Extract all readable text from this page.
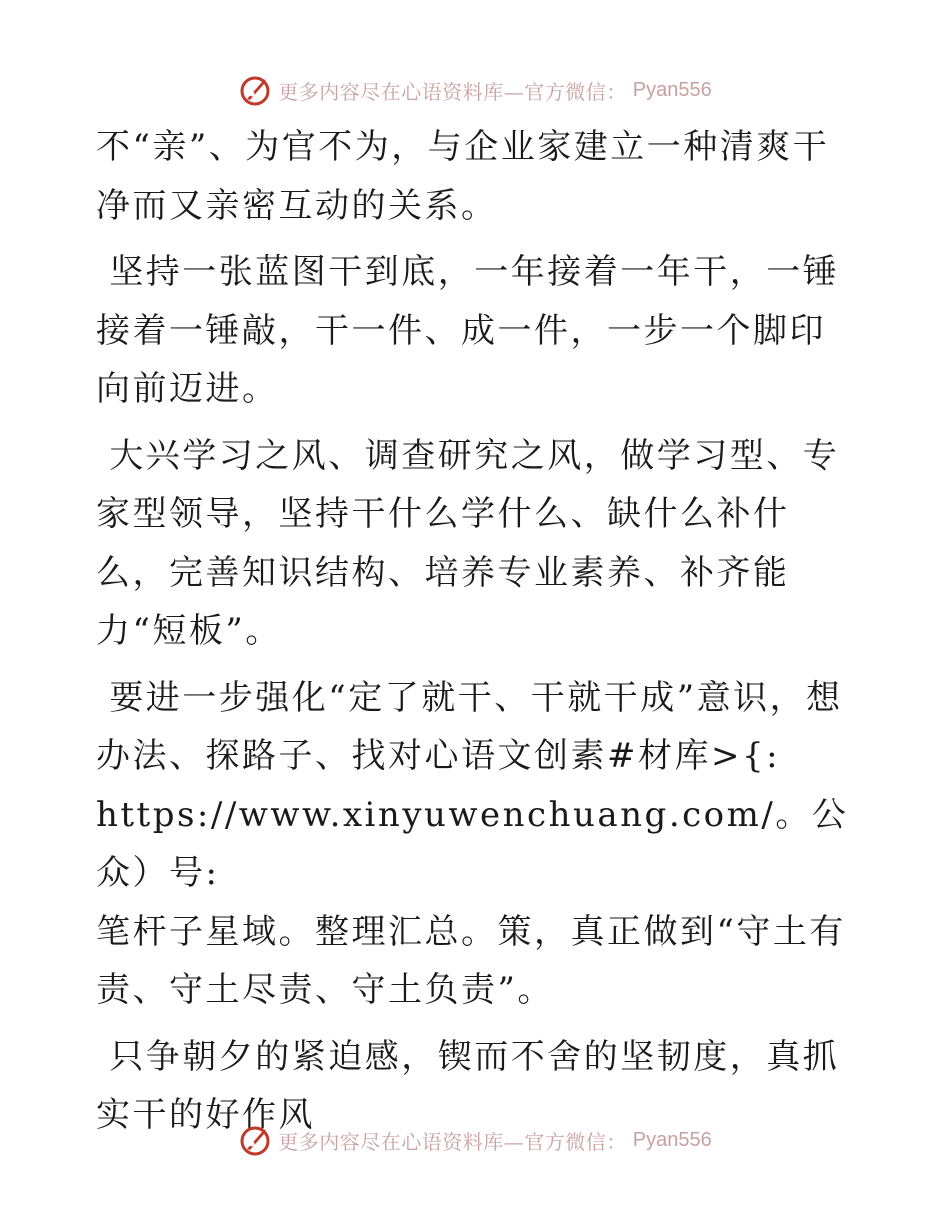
更多内容尽在心语资料库—官方微信： Pyan556

不“亲”、为官不为，与企业家建立一种清爽干净而又亲密互动的关系。

坚持一张蓝图干到底，一年接着一年干，一锤接着一锤敲，干一件、成一件，一步一个脚印向前迈进。

大兴学习之风、调查研究之风，做学习型、专家型领导，坚持干什么学什么、缺什么补什么，完善知识结构、培养专业素养、补齐能力“短板”。

要进一步强化“定了就干、干就干成”意识，想办法、探路子、找对心语文创素#材库>{:
https://www.xinyuwenchuang.com/。公众）号:
笔杆子星域。整理汇总。策，真正做到“守土有责、守土尽责、守土负责”。

只争朝夕的紧迫感，锲而不舍的坚韧度，真抓实干的好作风

更多内容尽在心语资料库—官方微信： Pyan556
